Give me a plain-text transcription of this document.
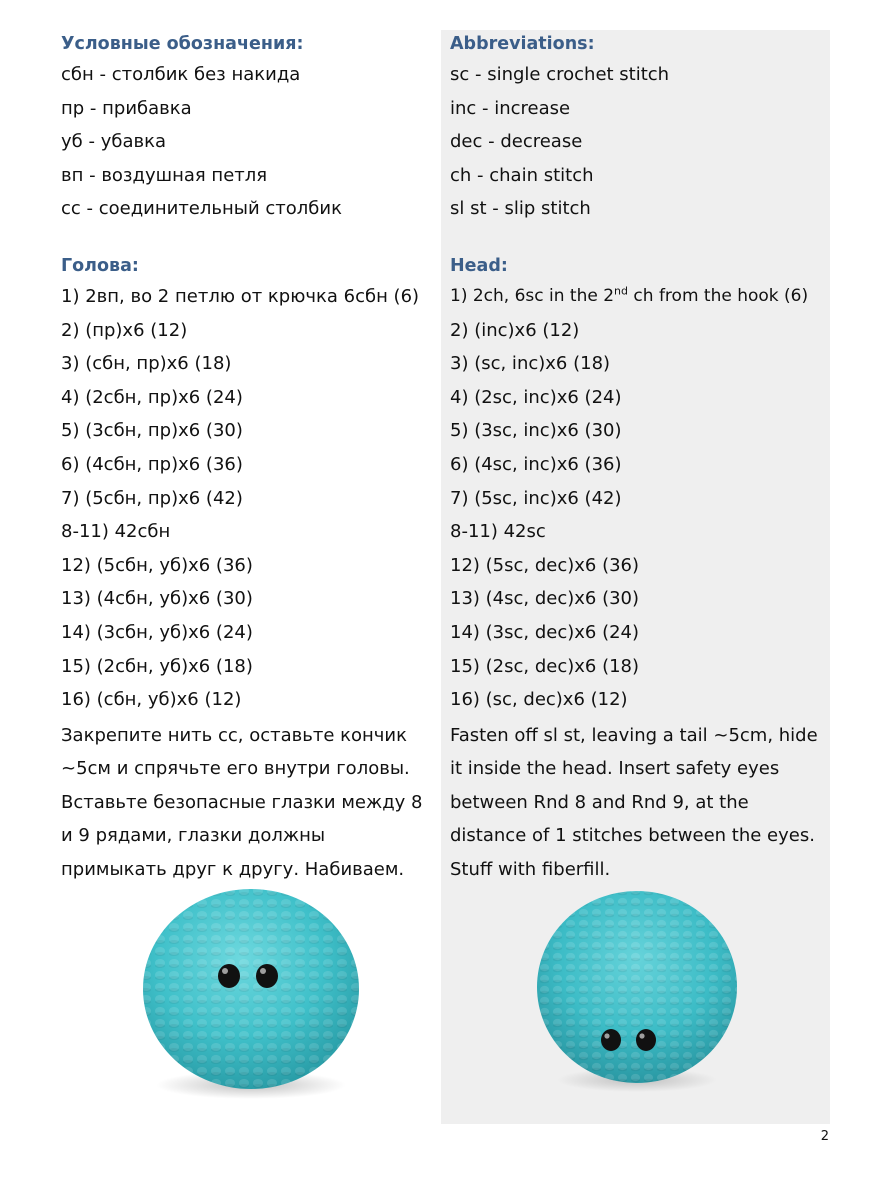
Условные обозначения:
сбн - столбик без накида
пр - прибавка
уб - убавка
вп - воздушная петля
сс - соединительный столбик
Голова:
1) 2вп, во 2 петлю от крючка 6сбн (6)
2) (пр)х6 (12)
3) (сбн, пр)х6 (18)
4) (2сбн, пр)х6 (24)
5) (3сбн, пр)х6 (30)
6) (4сбн, пр)х6 (36)
7) (5сбн, пр)х6 (42)
8-11) 42сбн
12) (5сбн, уб)х6 (36)
13) (4сбн, уб)х6 (30)
14) (3сбн, уб)х6 (24)
15) (2сбн, уб)х6 (18)
16) (сбн, уб)х6 (12)
Закрепите нить сс, оставьте кончик ~5см и спрячьте его внутри головы. Вставьте безопасные глазки между 8 и 9 рядами, глазки должны примыкать друг к другу. Набиваем.
Abbreviations:
sc - single crochet stitch
inc - increase
dec - decrease
ch - chain stitch
sl st - slip stitch
Head:
1) 2ch, 6sc in the 2nd ch from the hook (6)
2) (inc)x6 (12)
3) (sc, inc)x6 (18)
4) (2sc, inc)x6 (24)
5) (3sc, inc)x6 (30)
6) (4sc, inc)x6 (36)
7) (5sc, inc)x6 (42)
8-11) 42sc
12) (5sc, dec)x6 (36)
13) (4sc, dec)x6 (30)
14) (3sc, dec)x6 (24)
15) (2sc, dec)x6 (18)
16) (sc, dec)x6 (12)
Fasten off sl st, leaving a tail ~5cm, hide it inside the head. Insert safety eyes between Rnd 8 and Rnd 9, at the distance of 1 stitches between the eyes. Stuff with fiberfill.
2
